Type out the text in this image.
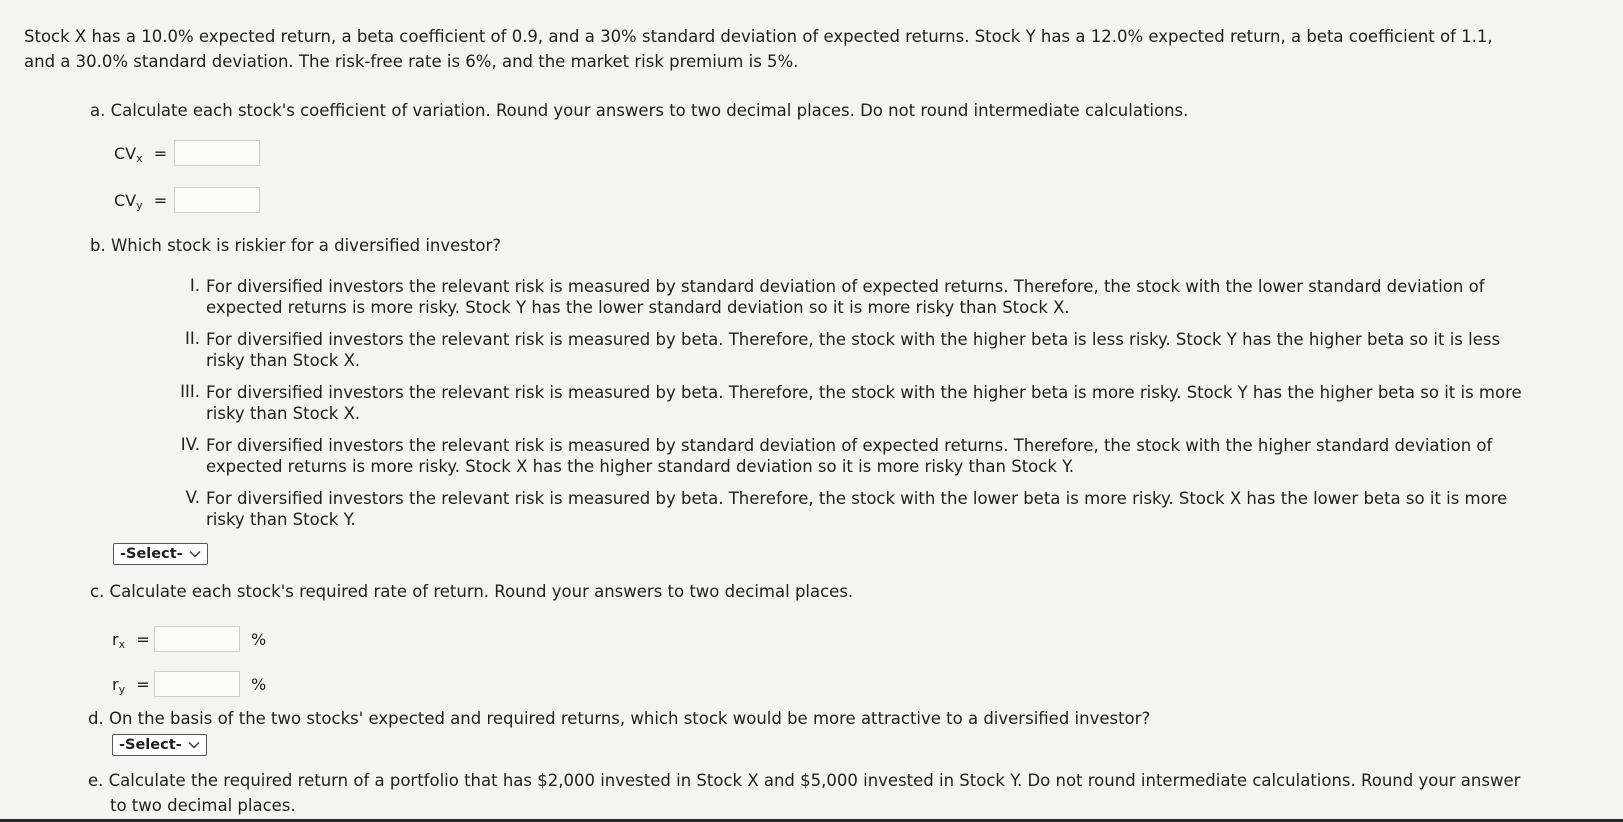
Stock X has a 10.0% expected return, a beta coefficient of 0.9, and a 30% standard deviation of expected returns. Stock Y has a 12.0% expected return, a beta coefficient of 1.1,
and a 30.0% standard deviation. The risk-free rate is 6%, and the market risk premium is 5%.
a. Calculate each stock's coefficient of variation. Round your answers to two decimal places. Do not round intermediate calculations.
$CV_x$ =
$CV_y$ =
b. Which stock is riskier for a diversified investor?
I. For diversified investors the relevant risk is measured by standard deviation of expected returns. Therefore, the stock with the lower standard deviation of
expected returns is more risky. Stock Y has the lower standard deviation so it is more risky than Stock X.
II. For diversified investors the relevant risk is measured by beta. Therefore, the stock with the higher beta is less risky. Stock Y has the higher beta so it is less
risky than Stock X.
III. For diversified investors the relevant risk is measured by beta. Therefore, the stock with the higher beta is more risky. Stock Y has the higher beta so it is more
risky than Stock X.
IV. For diversified investors the relevant risk is measured by standard deviation of expected returns. Therefore, the stock with the higher standard deviation of
expected returns is more risky. Stock X has the higher standard deviation so it is more risky than Stock Y.
V. For diversified investors the relevant risk is measured by beta. Therefore, the stock with the lower beta is more risky. Stock X has the lower beta so it is more
risky than Stock Y.
-Select-
c. Calculate each stock's required rate of return. Round your answers to two decimal places.
$r_x$ =	%
$r_y$ =	%
d. On the basis of the two stocks' expected and required returns, which stock would be more attractive to a diversified investor?
-Select-
e. Calculate the required return of a portfolio that has $2,000 invested in Stock X and $5,000 invested in Stock Y. Do not round intermediate calculations. Round your answer
to two decimal places.
